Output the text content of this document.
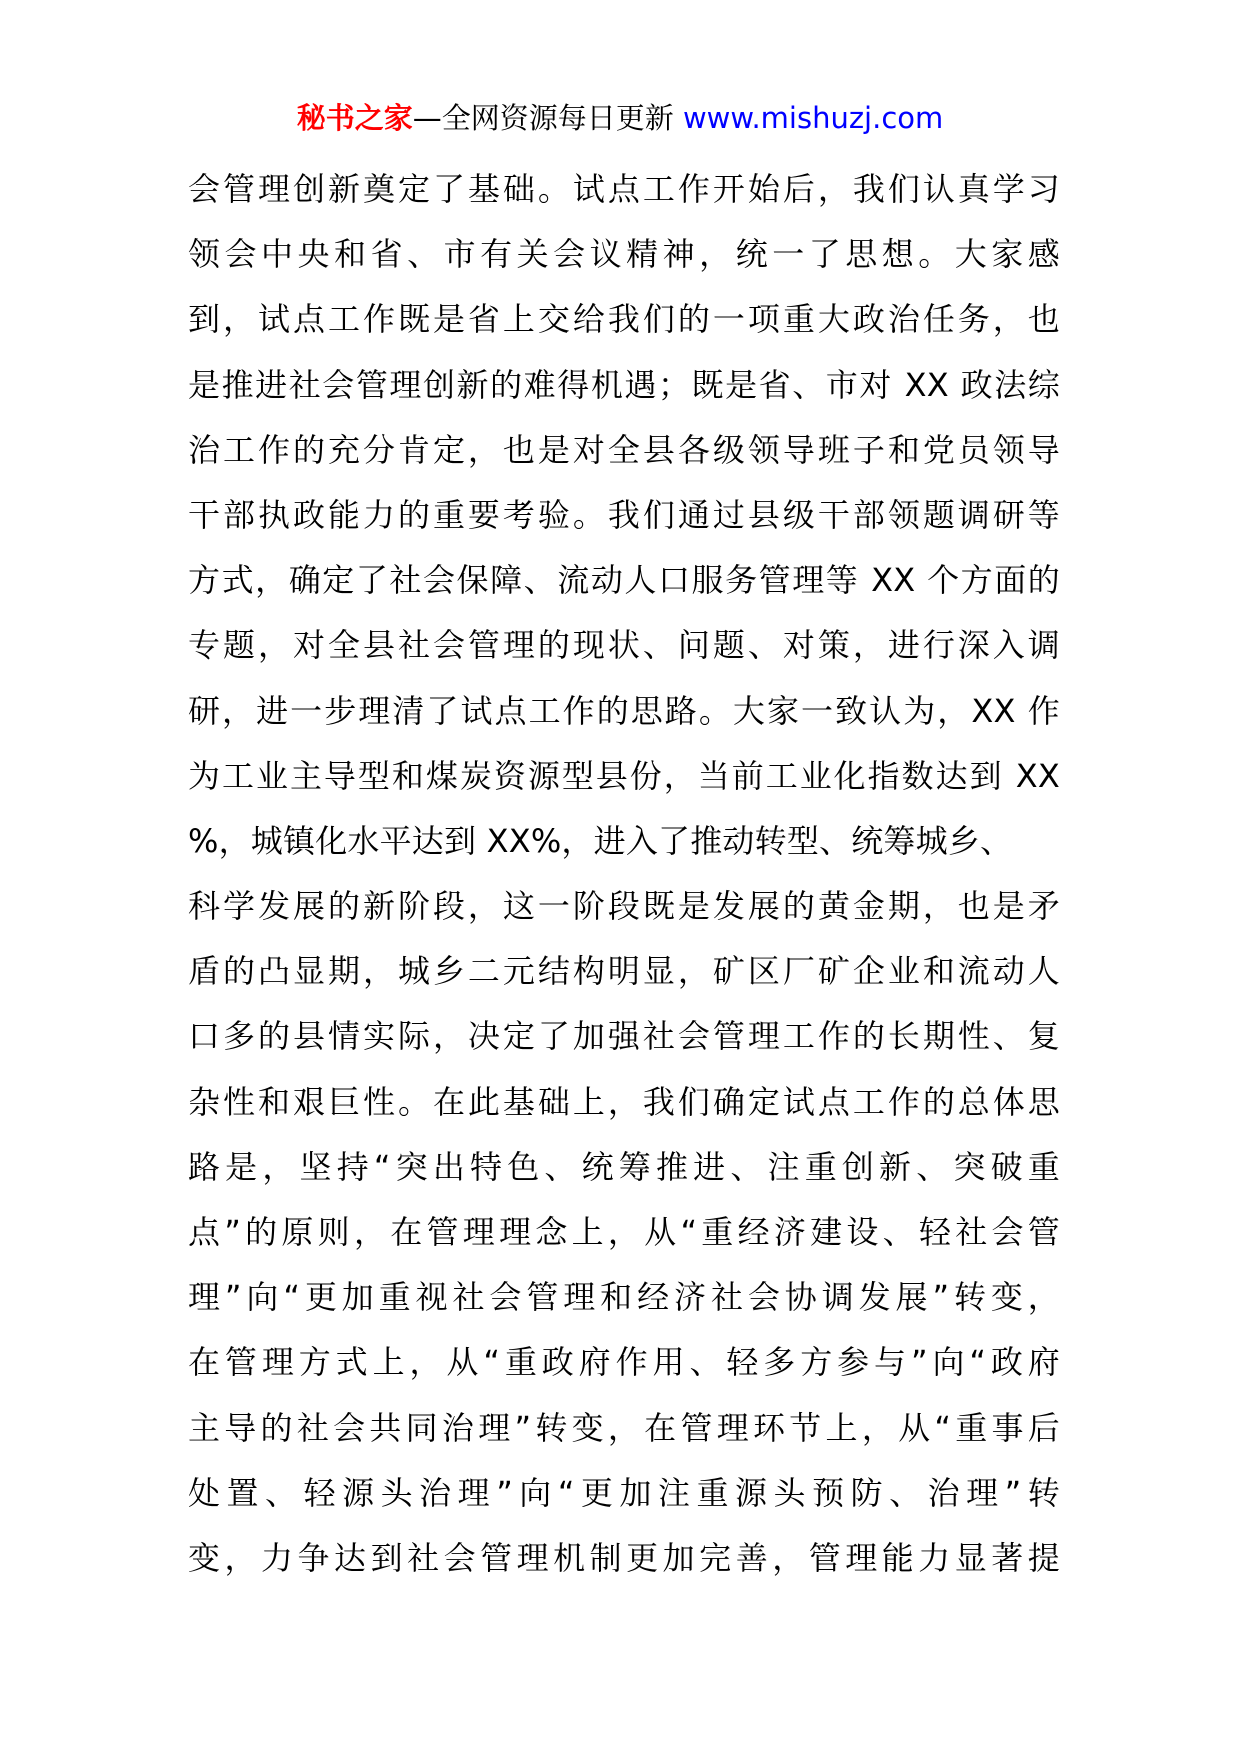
秘书之家—全网资源每日更新 www.mishuzj.com
会管理创新奠定了基础。试点工作开始后，我们认真学习
领会中央和省、市有关会议精神，统一了思想。大家感
到，试点工作既是省上交给我们的一项重大政治任务，也
是推进社会管理创新的难得机遇；既是省、市对 XX 政法综
治工作的充分肯定，也是对全县各级领导班子和党员领导
干部执政能力的重要考验。我们通过县级干部领题调研等
方式，确定了社会保障、流动人口服务管理等 XX 个方面的
专题，对全县社会管理的现状、问题、对策，进行深入调
研，进一步理清了试点工作的思路。大家一致认为，XX 作
为工业主导型和煤炭资源型县份，当前工业化指数达到 XX
%，城镇化水平达到 XX%，进入了推动转型、统筹城乡、
科学发展的新阶段，这一阶段既是发展的黄金期，也是矛
盾的凸显期，城乡二元结构明显，矿区厂矿企业和流动人
口多的县情实际，决定了加强社会管理工作的长期性、复
杂性和艰巨性。在此基础上，我们确定试点工作的总体思
路是，坚持“突出特色、统筹推进、注重创新、突破重
点”的原则，在管理理念上，从“重经济建设、轻社会管
理”向“更加重视社会管理和经济社会协调发展”转变，
在管理方式上，从“重政府作用、轻多方参与”向“政府
主导的社会共同治理”转变，在管理环节上，从“重事后
处置、轻源头治理”向“更加注重源头预防、治理”转
变，力争达到社会管理机制更加完善，管理能力显著提
